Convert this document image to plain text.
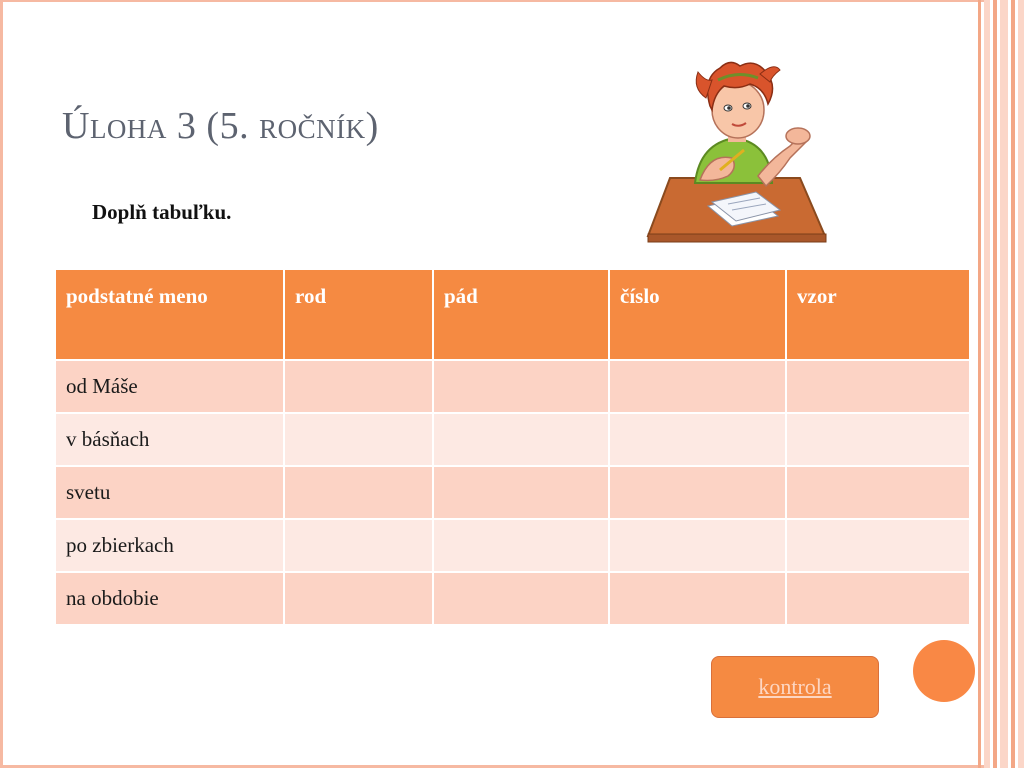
Úloha 3 (5. ročník)
Doplň tabuľku.
podstatné meno	rod	pád	číslo	vzor
od Máše				
v básňach				
svetu				
po zbierkach				
na obdobie				
kontrola
